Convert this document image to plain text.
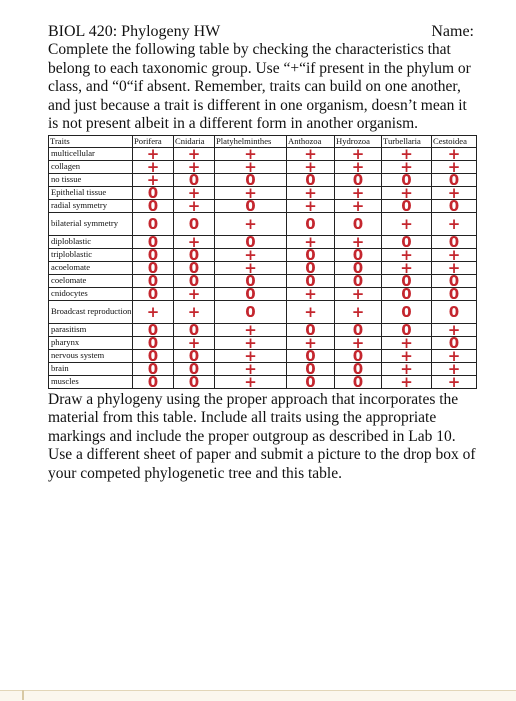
BIOL 420: Phylogeny HW	Name:

Complete the following table by checking the characteristics that belong to each taxonomic group. Use “+“if present in the phylum or class, and “0“if absent. Remember, traits can build on one another, and just because a trait is different in one organism, doesn’t mean it is not present albeit in a different form in another organism.

Traits	Porifera	Cnidaria	Platyhelminthes	Anthozoa	Hydrozoa	Turbellaria	Cestoidea
multicellular	+	+	+	+	+	+	+
collagen	+	+	+	+	+	+	+
no tissue	+	0	0	0	0	0	0
Epithelial tissue	0	+	+	+	+	+	+
radial symmetry	0	+	0	+	+	0	0
bilaterial symmetry	0	0	+	0	0	+	+
diploblastic	0	+	0	+	+	0	0
triploblastic	0	0	+	0	0	+	+
acoelomate	0	0	+	0	0	+	+
coelomate	0	0	0	0	0	0	0
cnidocytes	0	+	0	+	+	0	0
Broadcast reproduction	+	+	0	+	+	0	0
parasitism	0	0	+	0	0	0	+
pharynx	0	+	+	+	+	+	0
nervous system	0	0	+	0	0	+	+
brain	0	0	+	0	0	+	+
muscles	0	0	+	0	0	+	+

Draw a phylogeny using the proper approach that incorporates the material from this table. Include all traits using the appropriate markings and include the proper outgroup as described in Lab 10. Use a different sheet of paper and submit a picture to the drop box of your competed phylogenetic tree and this table.
